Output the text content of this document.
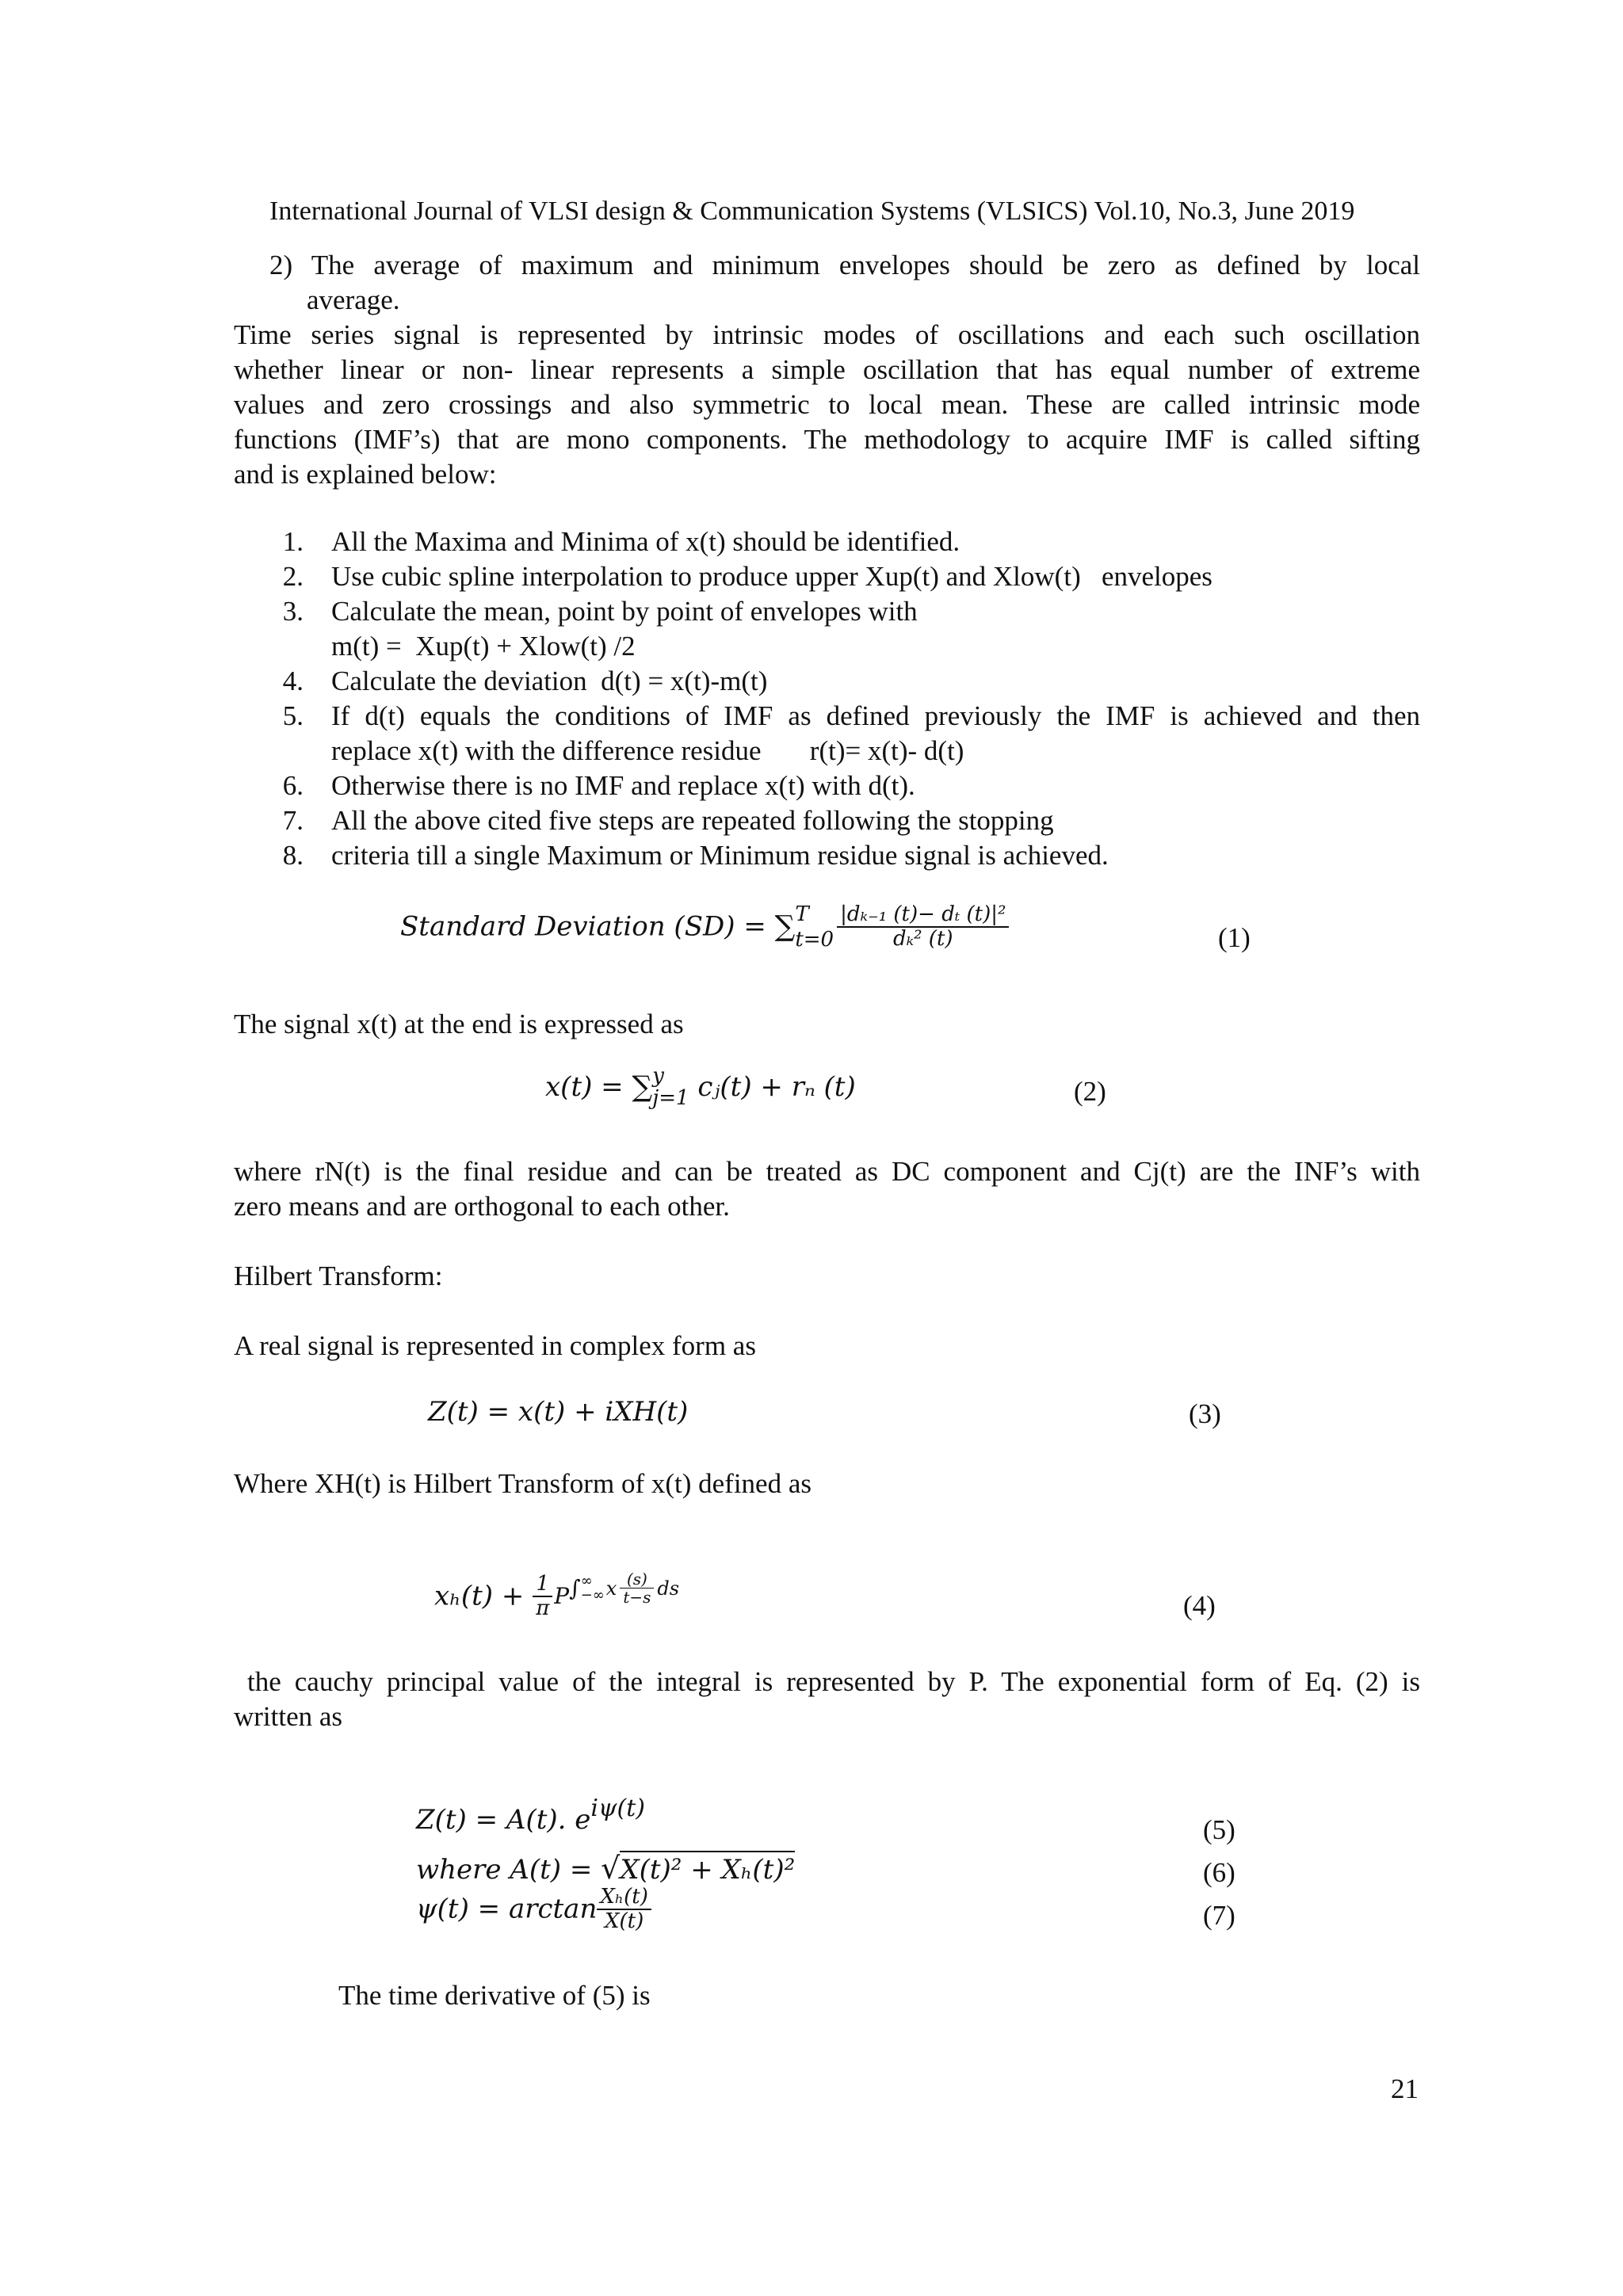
International Journal of VLSI design & Communication Systems (VLSICS) Vol.10, No.3, June 2019
2) The average of maximum and minimum envelopes should be zero as defined by local
average.
Time series signal is represented by intrinsic modes of oscillations and each such oscillation
whether linear or non- linear represents a simple oscillation that has equal number of extreme
values and zero crossings and also symmetric to local mean. These are called intrinsic mode
functions (IMF’s) that are mono components. The methodology to acquire IMF is called sifting
and is explained below:
1. All the Maxima and Minima of x(t) should be identified.
2. Use cubic spline interpolation to produce upper Xup(t) and Xlow(t)   envelopes
3. Calculate the mean, point by point of envelopes with
m(t) =  Xup(t) + Xlow(t) /2
4. Calculate the deviation  d(t) = x(t)-m(t)
5. If d(t) equals the conditions of IMF as defined previously the IMF is achieved and then
replace x(t) with the difference residue       r(t)= x(t)- d(t)
6. Otherwise there is no IMF and replace x(t) with d(t).
7. All the above cited five steps are repeated following the stopping
8. criteria till a single Maximum or Minimum residue signal is achieved.
Standard Deviation (SD) = ∑ T
$t=0 \frac{\text{|dₖ₋₁ (t)− dₜ (t)|²}}{\text{dₖ² (t)}}$	(1)
The signal x(t) at the end is expressed as
x(t) = ∑ y
j=1 cⱼ(t) + rₙ (t)	(2)
where rN(t) is the final residue and can be treated as DC component and Cj(t) are the INF’s with
zero means and are orthogonal to each other.
Hilbert Transform:
A real signal is represented in complex form as
Z(t) = x(t) + iXH(t)	(3)
Where XH(t) is Hilbert Transform of x(t) defined as
$x_h(t) + \frac{1}{\pi} P\int$ ∞
−∞ x $\frac{(s)}{t-s}$ ds
(4)
the cauchy principal value of the integral is represented by P. The exponential form of Eq. (2) is
written as
Z(t) = A(t). eiψ(t)
(5)
where A(t) = √X(t)² + Xₕ(t)²	(6)
$\psi(t) = \arctan \frac{\text{Xₕ(t)}}{X(t)}$	(7)
The time derivative of (5) is
21
